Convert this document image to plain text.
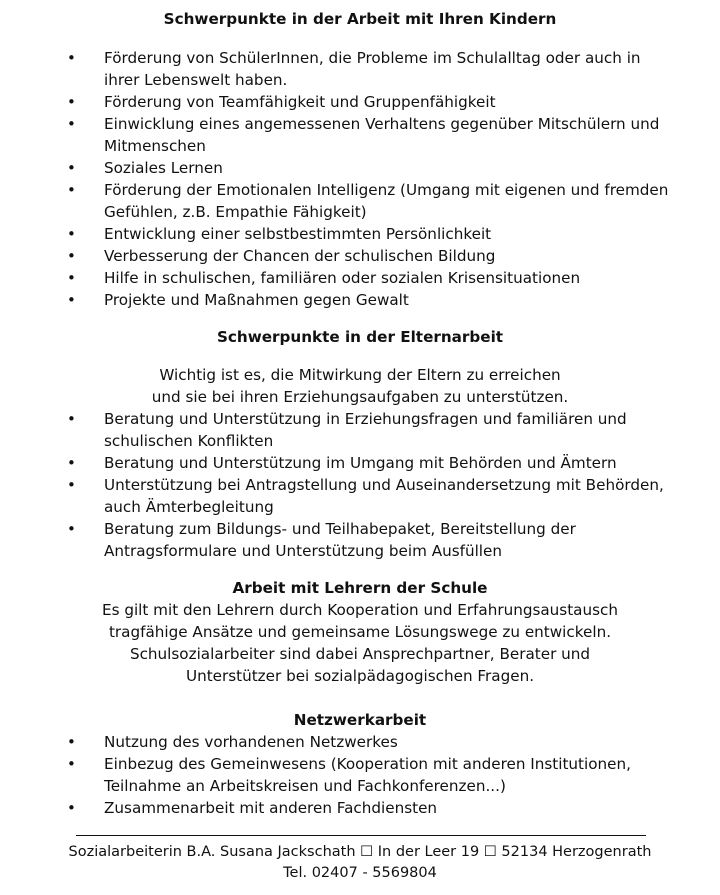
Schwerpunkte in der Arbeit mit Ihren Kindern
• Förderung von SchülerInnen, die Probleme im Schulalltag oder auch in
ihrer Lebenswelt haben.
• Förderung von Teamfähigkeit und Gruppenfähigkeit
• Einwicklung eines angemessenen Verhaltens gegenüber Mitschülern und
Mitmenschen
• Soziales Lernen
• Förderung der Emotionalen Intelligenz (Umgang mit eigenen und fremden
Gefühlen, z.B. Empathie Fähigkeit)
• Entwicklung einer selbstbestimmten Persönlichkeit
• Verbesserung der Chancen der schulischen Bildung
• Hilfe in schulischen, familiären oder sozialen Krisensituationen
• Projekte und Maßnahmen gegen Gewalt
Schwerpunkte in der Elternarbeit
Wichtig ist es, die Mitwirkung der Eltern zu erreichen
und sie bei ihren Erziehungsaufgaben zu unterstützen.
• Beratung und Unterstützung in Erziehungsfragen und familiären und
schulischen Konflikten
• Beratung und Unterstützung im Umgang mit Behörden und Ämtern
• Unterstützung bei Antragstellung und Auseinandersetzung mit Behörden,
auch Ämterbegleitung
• Beratung zum Bildungs- und Teilhabepaket, Bereitstellung der
Antragsformulare und Unterstützung beim Ausfüllen
Arbeit mit Lehrern der Schule
Es gilt mit den Lehrern durch Kooperation und Erfahrungsaustausch
tragfähige Ansätze und gemeinsame Lösungswege zu entwickeln.
Schulsozialarbeiter sind dabei Ansprechpartner, Berater und
Unterstützer bei sozialpädagogischen Fragen.
Netzwerkarbeit
• Nutzung des vorhandenen Netzwerkes
• Einbezug des Gemeinwesens (Kooperation mit anderen Institutionen,
Teilnahme an Arbeitskreisen und Fachkonferenzen...)
• Zusammenarbeit mit anderen Fachdiensten
Sozialarbeiterin B.A. Susana Jackschath ☐ In der Leer 19 ☐ 52134 Herzogenrath
Tel. 02407 - 5569804
